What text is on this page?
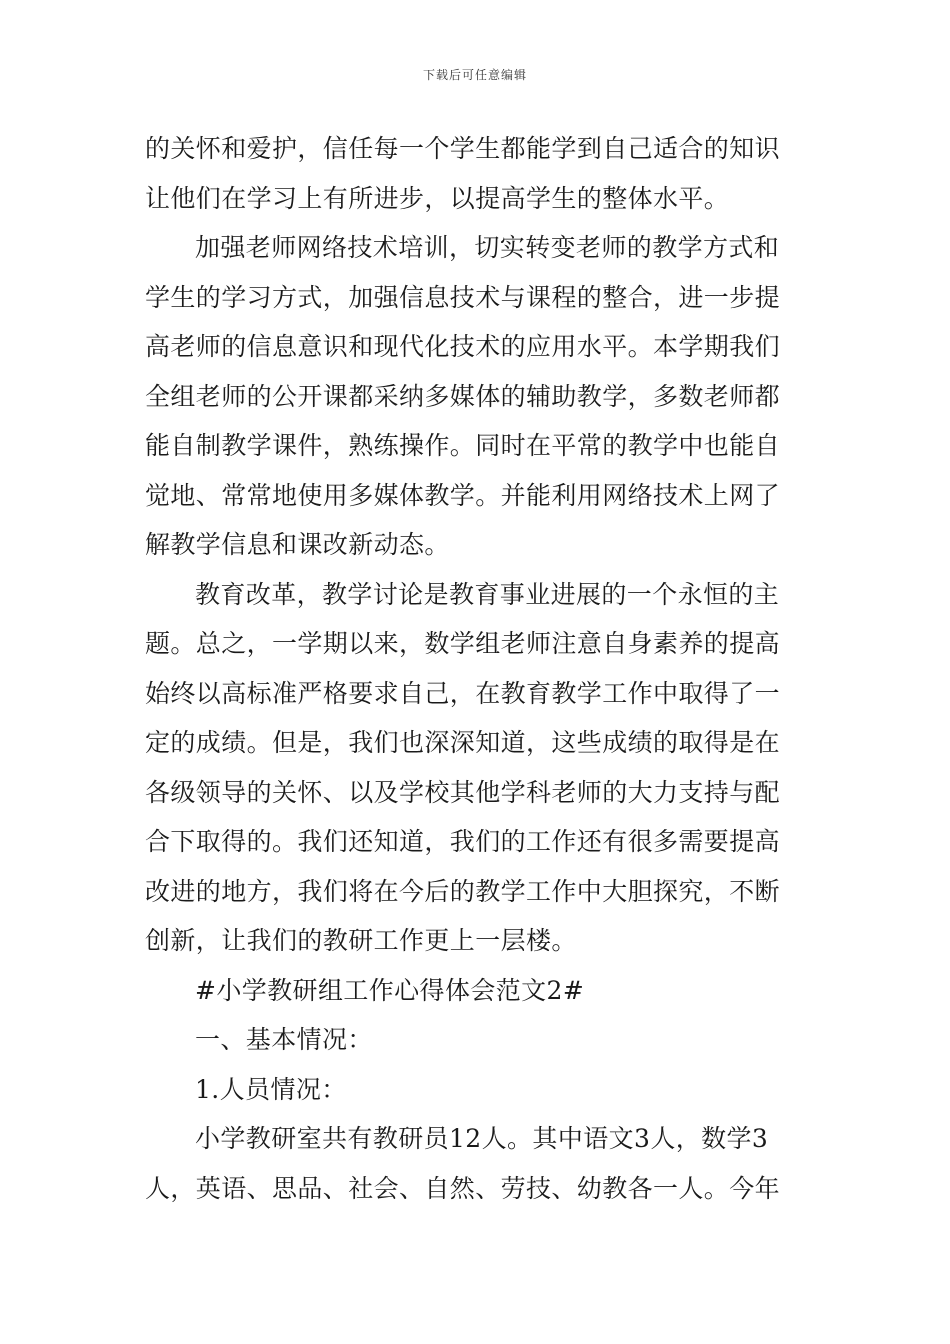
下载后可任意编辑
的关怀和爱护，信任每一个学生都能学到自己适合的知识
让他们在学习上有所进步，以提高学生的整体水平。
加强老师网络技术培训，切实转变老师的教学方式和
学生的学习方式，加强信息技术与课程的整合，进一步提
高老师的信息意识和现代化技术的应用水平。本学期我们
全组老师的公开课都采纳多媒体的辅助教学，多数老师都
能自制教学课件，熟练操作。同时在平常的教学中也能自
觉地、常常地使用多媒体教学。并能利用网络技术上网了
解教学信息和课改新动态。
教育改革，教学讨论是教育事业进展的一个永恒的主
题。总之，一学期以来，数学组老师注意自身素养的提高
始终以高标准严格要求自己，在教育教学工作中取得了一
定的成绩。但是，我们也深深知道，这些成绩的取得是在
各级领导的关怀、以及学校其他学科老师的大力支持与配
合下取得的。我们还知道，我们的工作还有很多需要提高
改进的地方，我们将在今后的教学工作中大胆探究，不断
创新，让我们的教研工作更上一层楼。
#小学教研组工作心得体会范文2#
一、基本情况：
1.人员情况：
小学教研室共有教研员12人。其中语文3人，数学3
人，英语、思品、社会、自然、劳技、幼教各一人。今年
